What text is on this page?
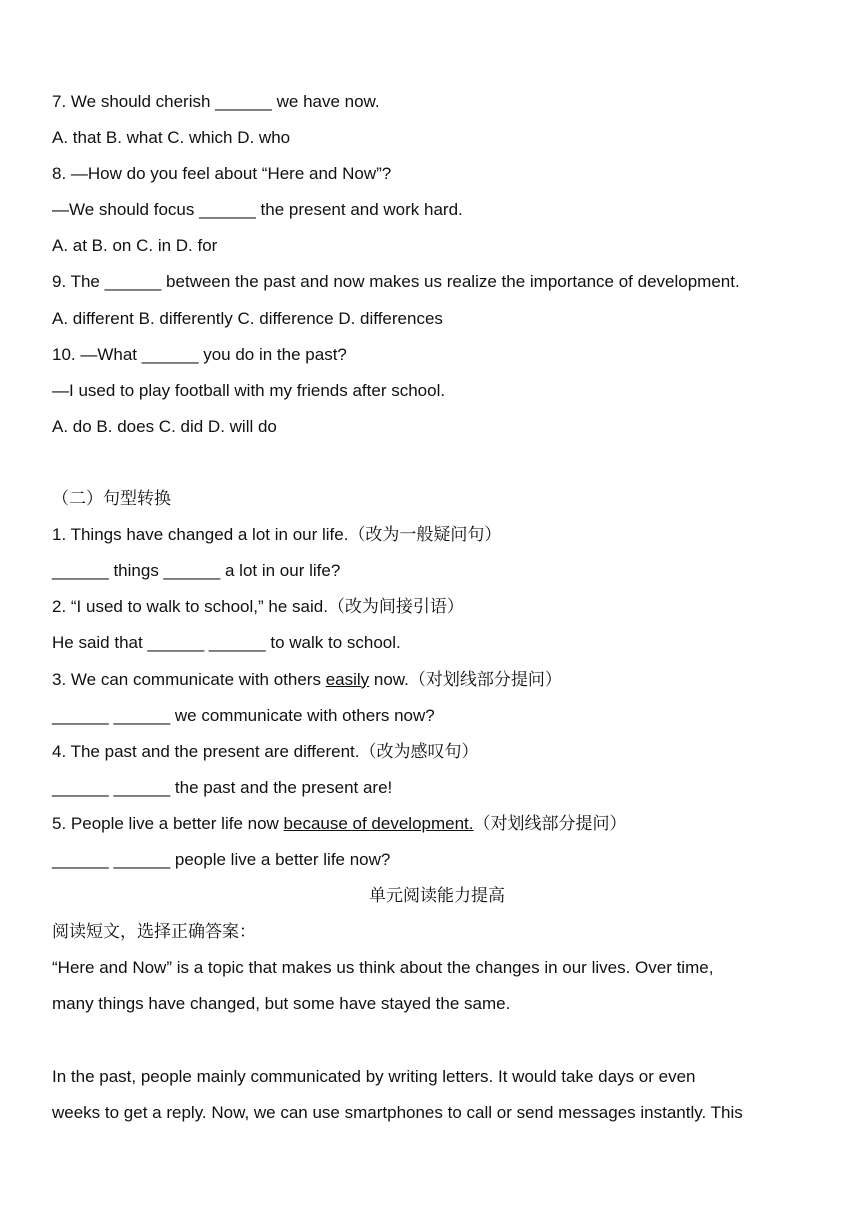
7. We should cherish ______ we have now.
A. that B. what C. which D. who
8. —How do you feel about “Here and Now”?
—We should focus ______ the present and work hard.
A. at B. on C. in D. for
9. The ______ between the past and now makes us realize the importance of development.
A. different B. differently C. difference D. differences
10. —What ______ you do in the past?
—I used to play football with my friends after school.
A. do B. does C. did D. will do
（二）句型转换
1. Things have changed a lot in our life.（改为一般疑问句）
______ things ______ a lot in our life?
2. “I used to walk to school,” he said.（改为间接引语）
He said that ______ ______ to walk to school.
3. We can communicate with others easily now.（对划线部分提问）
______ ______ we communicate with others now?
4. The past and the present are different.（改为感叹句）
______ ______ the past and the present are!
5. People live a better life now because of development.（对划线部分提问）
______ ______ people live a better life now?
单元阅读能力提高
阅读短文，选择正确答案：
“Here and Now” is a topic that makes us think about the changes in our lives. Over time,
many things have changed, but some have stayed the same.
In the past, people mainly communicated by writing letters. It would take days or even
weeks to get a reply. Now, we can use smartphones to call or send messages instantly. This
